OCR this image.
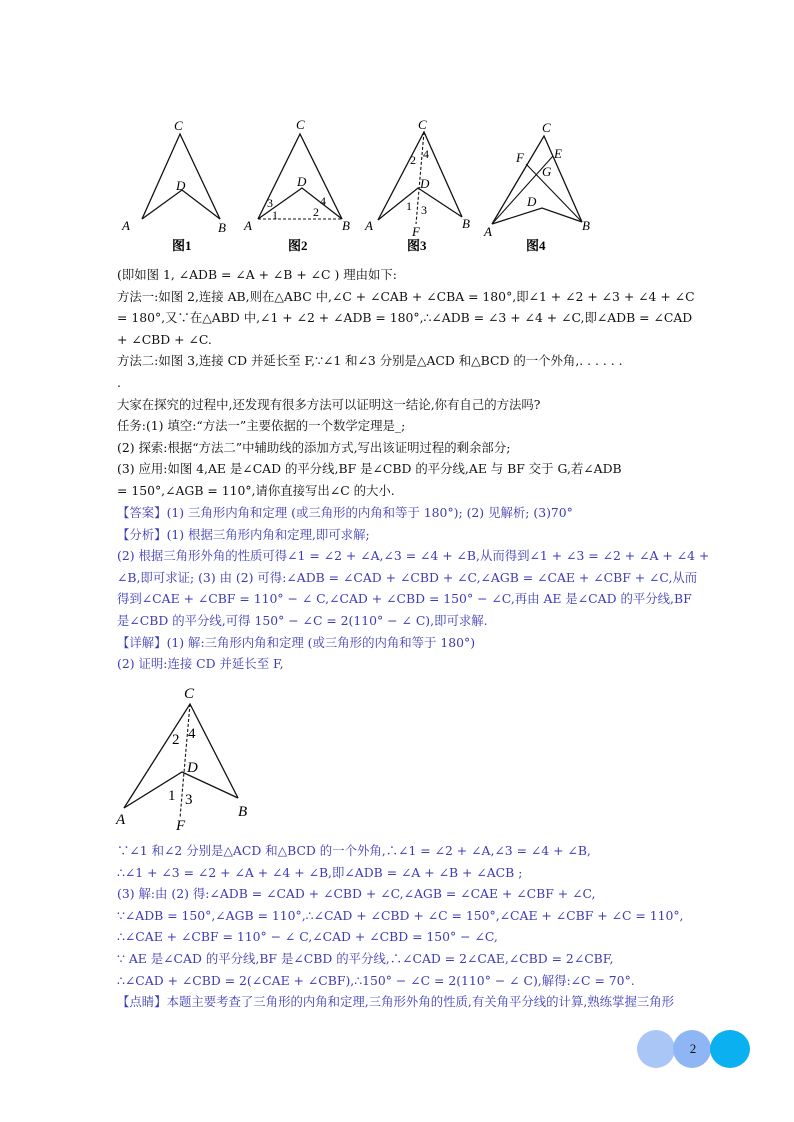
C
D
A	B
图1
C
D
A	B
3
1
4
2
图2
C
D
A	B
F
2 4
1 3
图3
C
F E
G
D
A	B
图4

(即如图 1, ∠ADB = ∠A + ∠B + ∠C ) 理由如下:

方法一:如图 2,连接 AB,则在△ABC 中,∠C + ∠CAB + ∠CBA = 180°,即∠1 + ∠2 + ∠3 + ∠4 + ∠C

= 180°,又∵在△ABD 中,∠1 + ∠2 + ∠ADB = 180°,∴∠ADB = ∠3 + ∠4 + ∠C,即∠ADB = ∠CAD

+ ∠CBD + ∠C.

方法二:如图 3,连接 CD 并延长至 F,∵∠1 和∠3 分别是△ACD 和△BCD 的一个外角,. . . . . .

.

大家在探究的过程中,还发现有很多方法可以证明这一结论,你有自己的方法吗?

任务:(1) 填空:“方法一”主要依据的一个数学定理是_;

(2) 探索:根据“方法二”中辅助线的添加方式,写出该证明过程的剩余部分;

(3) 应用:如图 4,AE 是∠CAD 的平分线,BF 是∠CBD 的平分线,AE 与 BF 交于 G,若∠ADB

= 150°,∠AGB = 110°,请你直接写出∠C 的大小.

【答案】(1) 三角形内角和定理 (或三角形的内角和等于 180°); (2) 见解析; (3)70°

【分析】(1) 根据三角形内角和定理,即可求解;

(2) 根据三角形外角的性质可得∠1 = ∠2 + ∠A,∠3 = ∠4 + ∠B,从而得到∠1 + ∠3 = ∠2 + ∠A + ∠4 +

∠B,即可求证; (3) 由 (2) 可得:∠ADB = ∠CAD + ∠CBD + ∠C,∠AGB = ∠CAE + ∠CBF + ∠C,从而

得到∠CAE + ∠CBF = 110° − ∠ C,∠CAD + ∠CBD = 150° − ∠C,再由 AE 是∠CAD 的平分线,BF

是∠CBD 的平分线,可得 150° − ∠C = 2(110° − ∠ C),即可求解.

【详解】(1) 解:三角形内角和定理 (或三角形的内角和等于 180°)

(2) 证明:连接 CD 并延长至 F,

C
D
A	B
F
2 4
1 3

∵∠1 和∠2 分别是△ACD 和△BCD 的一个外角,∴∠1 = ∠2 + ∠A,∠3 = ∠4 + ∠B,

∴∠1 + ∠3 = ∠2 + ∠A + ∠4 + ∠B,即∠ADB = ∠A + ∠B + ∠ACB ;

(3) 解:由 (2) 得:∠ADB = ∠CAD + ∠CBD + ∠C,∠AGB = ∠CAE + ∠CBF + ∠C,

∵∠ADB = 150°,∠AGB = 110°,∴∠CAD + ∠CBD + ∠C = 150°,∠CAE + ∠CBF + ∠C = 110°,

∴∠CAE + ∠CBF = 110° − ∠ C,∠CAD + ∠CBD = 150° − ∠C,

∵ AE 是∠CAD 的平分线,BF 是∠CBD 的平分线,∴∠CAD = 2∠CAE,∠CBD = 2∠CBF,

∴∠CAD + ∠CBD = 2(∠CAE + ∠CBF),∴150° − ∠C = 2(110° − ∠ C),解得:∠C = 70°.

【点睛】本题主要考查了三角形的内角和定理,三角形外角的性质,有关角平分线的计算,熟练掌握三角形

2
